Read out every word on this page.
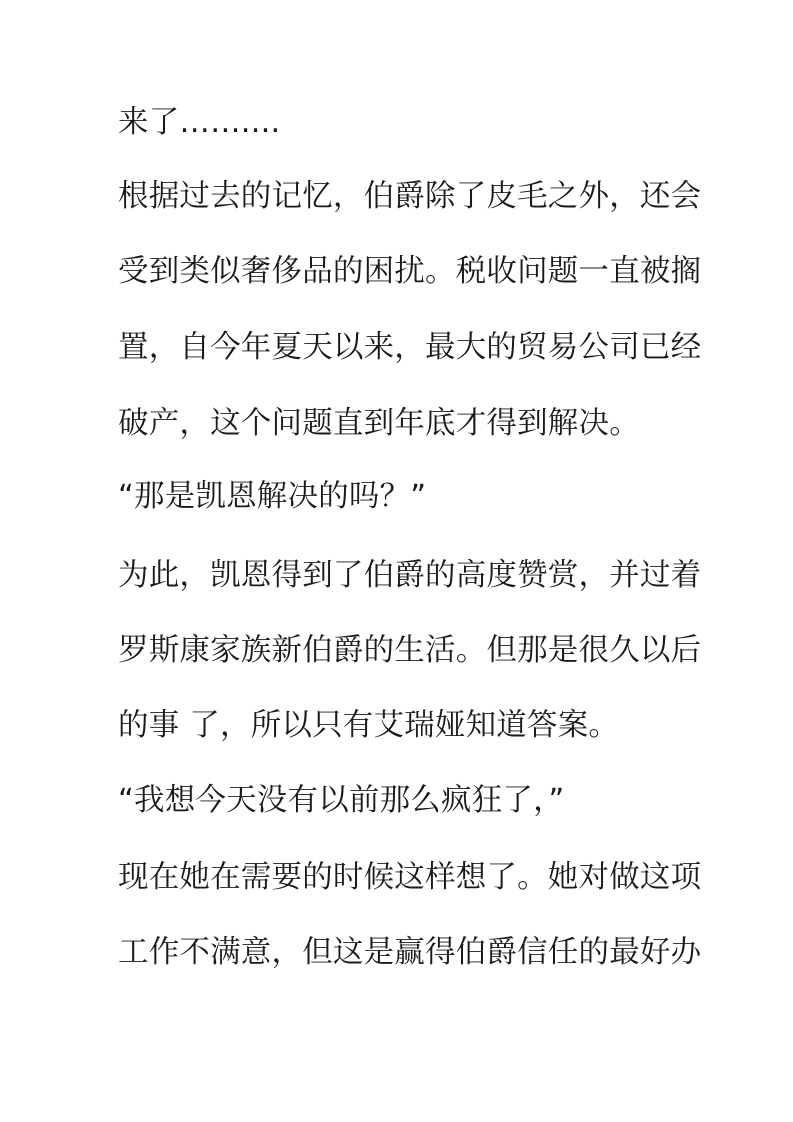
来了……....
根据过去的记忆，伯爵除了皮毛之外，还会
受到类似奢侈品的困扰。税收问题一直被搁
置，自今年夏天以来，最大的贸易公司已经
破产，这个问题直到年底才得到解决。
“那是凯恩解决的吗？”
为此，凯恩得到了伯爵的高度赞赏，并过着
罗斯康家族新伯爵的生活。但那是很久以后
的事 了，所以只有艾瑞娅知道答案。
“我想今天没有以前那么疯狂了，”
现在她在需要的时候这样想了。她对做这项
工作不满意，但这是赢得伯爵信任的最好办
